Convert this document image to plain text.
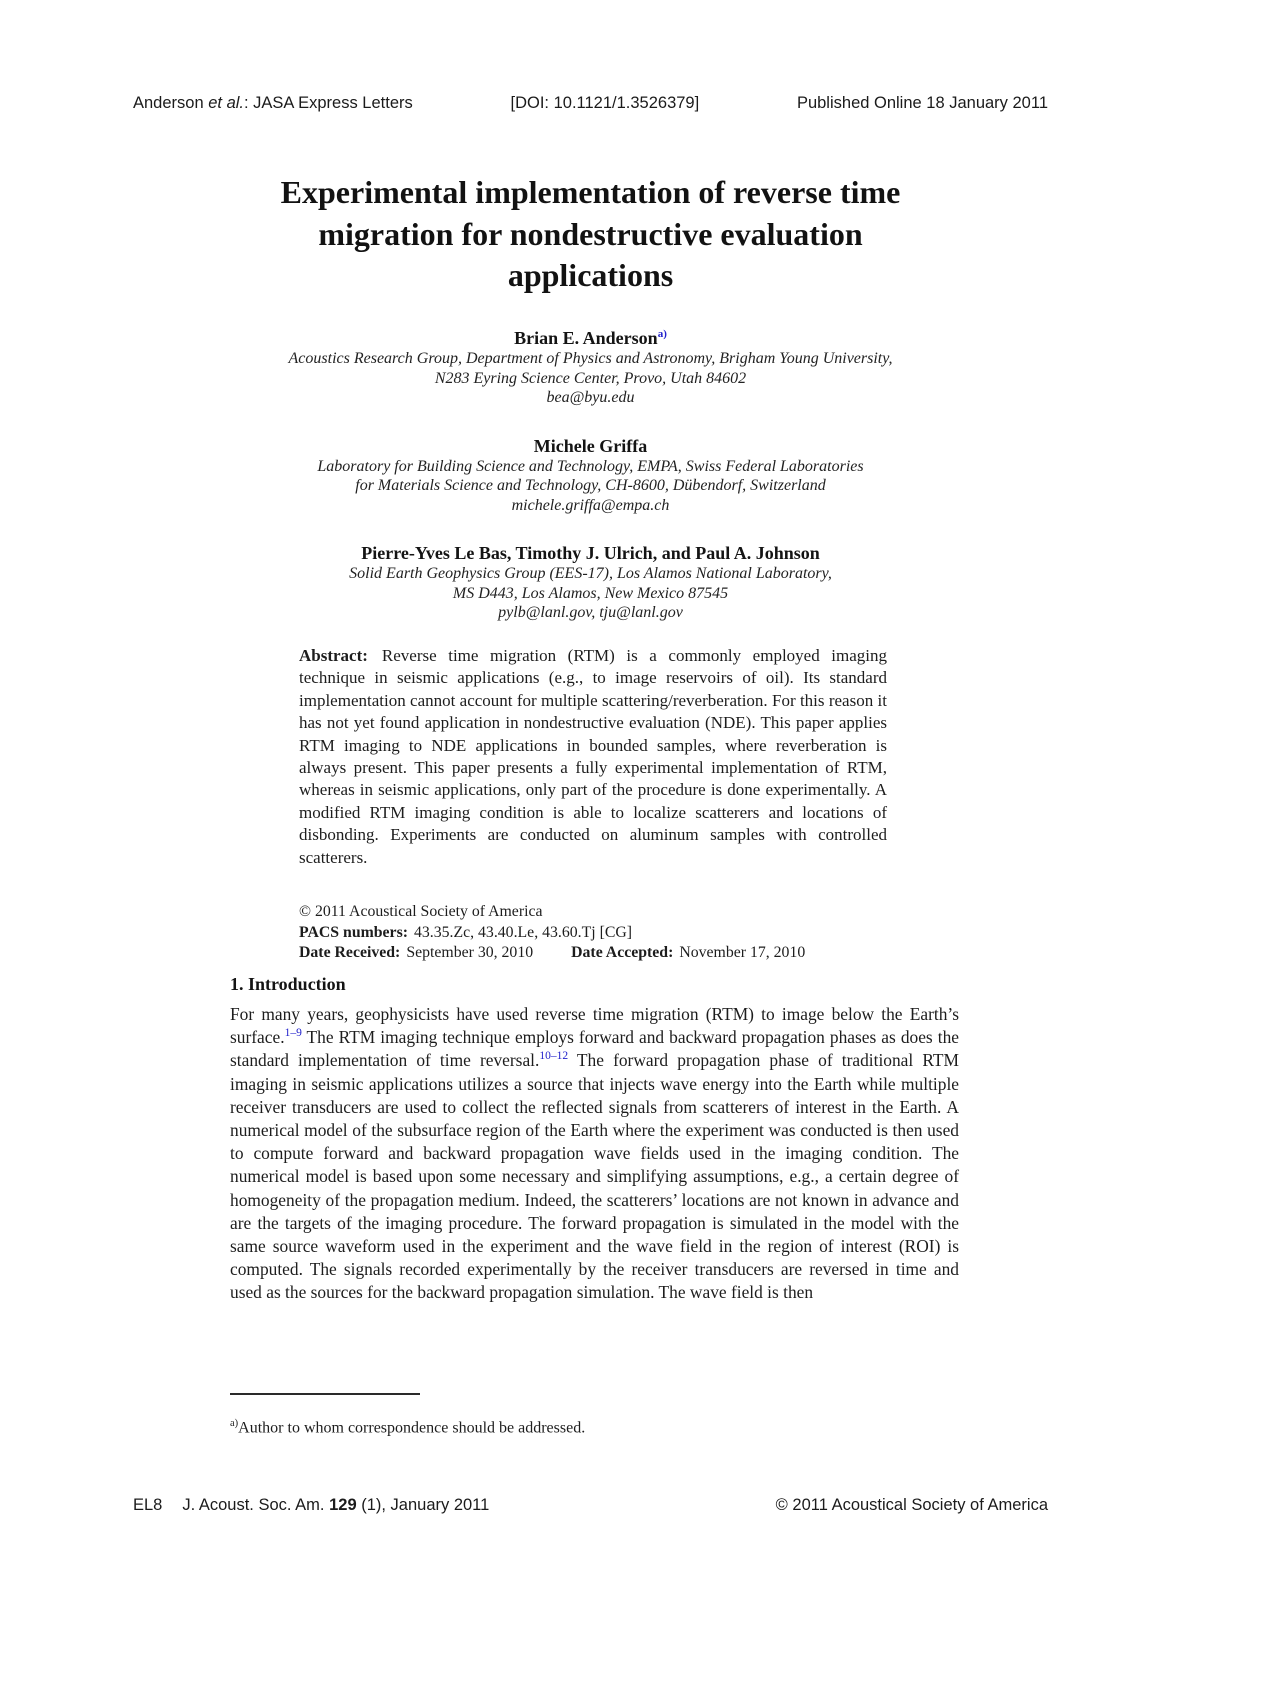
Anderson et al.: JASA Express Letters	[DOI: 10.1121/1.3526379]	Published Online 18 January 2011
Experimental implementation of reverse time
migration for nondestructive evaluation
applications
Brian E. Anderson$^{a)}$
Acoustics Research Group, Department of Physics and Astronomy, Brigham Young University,
N283 Eyring Science Center, Provo, Utah 84602
bea@byu.edu
Michele Griffa
Laboratory for Building Science and Technology, EMPA, Swiss Federal Laboratories
for Materials Science and Technology, CH-8600, Dübendorf, Switzerland
michele.griffa@empa.ch
Pierre-Yves Le Bas, Timothy J. Ulrich, and Paul A. Johnson
Solid Earth Geophysics Group (EES-17), Los Alamos National Laboratory,
MS D443, Los Alamos, New Mexico 87545
pylb@lanl.gov, tju@lanl.gov
Abstract: Reverse time migration (RTM) is a commonly employed imaging technique in seismic applications (e.g., to image reservoirs of oil). Its standard implementation cannot account for multiple scattering/reverberation. For this reason it has not yet found application in nondestructive evaluation (NDE). This paper applies RTM imaging to NDE applications in bounded samples, where reverberation is always present. This paper presents a fully experimental implementation of RTM, whereas in seismic applications, only part of the procedure is done experimentally. A modified RTM imaging condition is able to localize scatterers and locations of disbonding. Experiments are conducted on aluminum samples with controlled scatterers.
© 2011 Acoustical Society of America
PACS numbers: 43.35.Zc, 43.40.Le, 43.60.Tj [CG]
Date Received: September 30, 2010 Date Accepted: November 17, 2010
1. Introduction

For many years, geophysicists have used reverse time migration (RTM) to image below the Earth’s surface.$^{1-9}$ The RTM imaging technique employs forward and backward propagation phases as does the standard implementation of time reversal.$^{10-12}$ The forward propagation phase of traditional RTM imaging in seismic applications utilizes a source that injects wave energy into the Earth while multiple receiver transducers are used to collect the reflected signals from scatterers of interest in the Earth. A numerical model of the subsurface region of the Earth where the experiment was conducted is then used to compute forward and backward propagation wave fields used in the imaging condition. The numerical model is based upon some necessary and simplifying assumptions, e.g., a certain degree of homogeneity of the propagation medium. Indeed, the scatterers’ locations are not known in advance and are the targets of the imaging procedure. The forward propagation is simulated in the model with the same source waveform used in the experiment and the wave field in the region of interest (ROI) is computed. The signals recorded experimentally by the receiver transducers are reversed in time and used as the sources for the backward propagation simulation. The wave field is then

$^{a)}$Author to whom correspondence should be addressed.
EL8 J. Acoust. Soc. Am. 129 (1), January 2011	© 2011 Acoustical Society of America
